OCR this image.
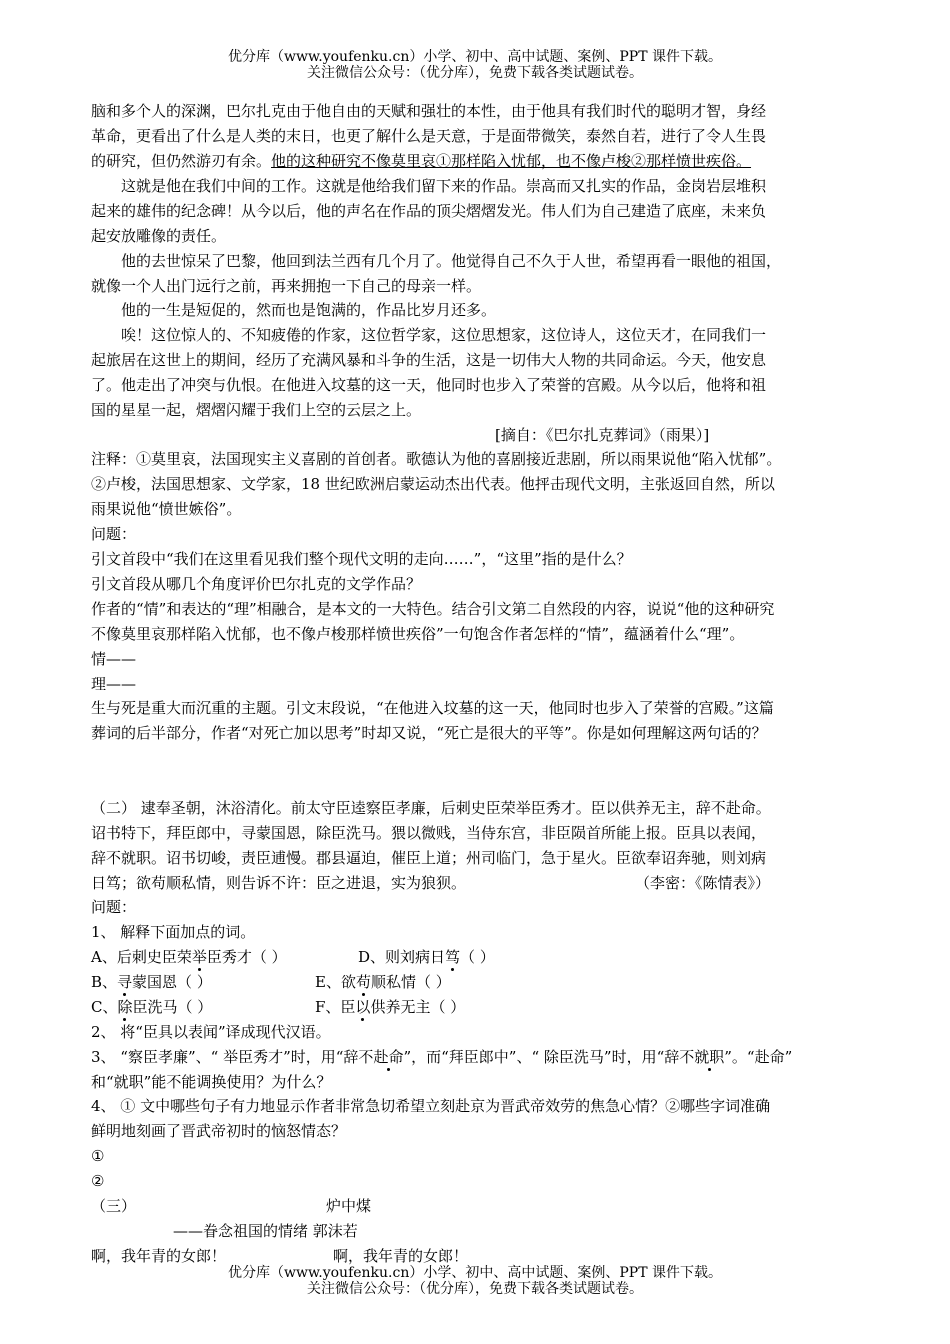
优分库（www.youfenku.cn）小学、初中、高中试题、案例、PPT 课件下载。
关注微信公众号：（优分库），免费下载各类试题试卷。
脑和多个人的深渊，巴尔扎克由于他自由的天赋和强壮的本性，由于他具有我们时代的聪明才智，身经
革命，更看出了什么是人类的末日，也更了解什么是天意，于是面带微笑，泰然自若，进行了令人生畏
的研究，但仍然游刃有余。他的这种研究不像莫里哀①那样陷入忧郁，也不像卢梭②那样愤世疾俗。
这就是他在我们中间的工作。这就是他给我们留下来的作品。崇高而又扎实的作品，金岗岩层堆积
起来的雄伟的纪念碑！从今以后，他的声名在作品的顶尖熠熠发光。伟人们为自己建造了底座，未来负
起安放雕像的责任。
他的去世惊呆了巴黎，他回到法兰西有几个月了。他觉得自己不久于人世，希望再看一眼他的祖国，
就像一个人出门远行之前，再来拥抱一下自己的母亲一样。
他的一生是短促的，然而也是饱满的，作品比岁月还多。
唉！这位惊人的、不知疲倦的作家，这位哲学家，这位思想家，这位诗人，这位天才，在同我们一
起旅居在这世上的期间，经历了充满风暴和斗争的生活，这是一切伟大人物的共同命运。今天，他安息
了。他走出了冲突与仇恨。在他进入坟墓的这一天，他同时也步入了荣誉的宫殿。从今以后，他将和祖
国的星星一起，熠熠闪耀于我们上空的云层之上。
[摘自：《巴尔扎克葬词》（雨果）]
注释：①莫里哀，法国现实主义喜剧的首创者。歌德认为他的喜剧接近悲剧，所以雨果说他“陷入忧郁”。
②卢梭，法国思想家、文学家，18 世纪欧洲启蒙运动杰出代表。他抨击现代文明，主张返回自然，所以
雨果说他“愤世嫉俗”。
问题：
引文首段中“我们在这里看见我们整个现代文明的走向……”，“这里”指的是什么？
引文首段从哪几个角度评价巴尔扎克的文学作品？
作者的“情”和表达的“理”相融合，是本文的一大特色。结合引文第二自然段的内容，说说“他的这种研究
不像莫里哀那样陷入忧郁，也不像卢梭那样愤世疾俗”一句饱含作者怎样的“情”，蕴涵着什么“理”。
情——
理——
生与死是重大而沉重的主题。引文末段说，“在他进入坟墓的这一天，他同时也步入了荣誉的宫殿。”这篇
葬词的后半部分，作者“对死亡加以思考”时却又说，“死亡是很大的平等”。你是如何理解这两句话的？
（二） 逮奉圣朝，沐浴清化。前太守臣逵察臣孝廉，后刺史臣荣举臣秀才。臣以供养无主，辞不赴命。
诏书特下，拜臣郎中，寻蒙国恩，除臣洗马。猥以微贱，当侍东宫，非臣陨首所能上报。臣具以表闻，
辞不就职。诏书切峻，责臣逋慢。郡县逼迫，催臣上道；州司临门，急于星火。臣欲奉诏奔驰，则刘病
日笃；欲苟顺私情，则告诉不许：臣之进退，实为狼狈。	（李密：《陈情表》）
问题：
1、 解释下面加点的词。
A、后刺史臣荣举臣秀才（ ）	D、则刘病日笃（ ）
B、寻蒙国恩（ ）	E、欲苟顺私情（ ）
C、除臣洗马（ ）	F、臣以供养无主（ ）
2、 将“臣具以表闻”译成现代汉语。
3、 “察臣孝廉”、“ 举臣秀才”时，用“辞不赴命”，而“拜臣郎中”、“ 除臣洗马”时，用“辞不就职”。“赴命”
和“就职”能不能调换使用？为什么？
4、 ① 文中哪些句子有力地显示作者非常急切希望立刻赴京为晋武帝效劳的焦急心情？②哪些字词准确
鲜明地刻画了晋武帝初时的恼怒情态？
①
②
（三）	炉中煤
——眷念祖国的情绪 郭沫若
啊，我年青的女郎！	啊，我年青的女郎！
优分库（www.youfenku.cn）小学、初中、高中试题、案例、PPT 课件下载。
关注微信公众号：（优分库），免费下载各类试题试卷。
